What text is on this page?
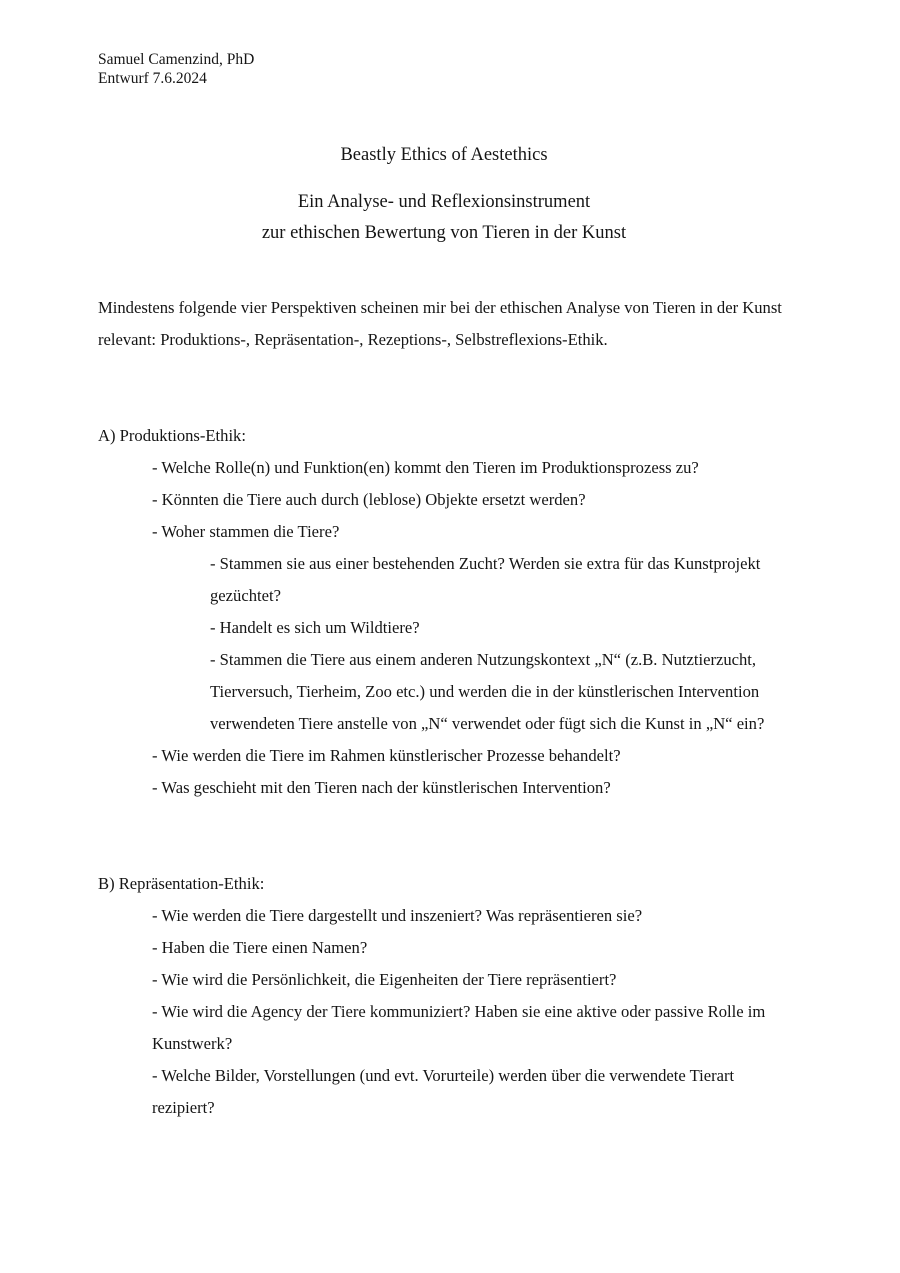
Samuel Camenzind, PhD
Entwurf 7.6.2024
Beastly Ethics of Aestethics
Ein Analyse- und Reflexionsinstrument
zur ethischen Bewertung von Tieren in der Kunst

Mindestens folgende vier Perspektiven scheinen mir bei der ethischen Analyse von Tieren in der Kunst relevant: Produktions-, Repräsentation-, Rezeptions-, Selbstreflexions-Ethik.

A) Produktions-Ethik:

- Welche Rolle(n) und Funktion(en) kommt den Tieren im Produktionsprozess zu?

- Könnten die Tiere auch durch (leblose) Objekte ersetzt werden?

- Woher stammen die Tiere?

- Stammen sie aus einer bestehenden Zucht? Werden sie extra für das Kunstprojekt gezüchtet?

- Handelt es sich um Wildtiere?

- Stammen die Tiere aus einem anderen Nutzungskontext „N“ (z.B. Nutztierzucht, Tierversuch, Tierheim, Zoo etc.) und werden die in der künstlerischen Intervention verwendeten Tiere anstelle von „N“ verwendet oder fügt sich die Kunst in „N“ ein?

- Wie werden die Tiere im Rahmen künstlerischer Prozesse behandelt?

- Was geschieht mit den Tieren nach der künstlerischen Intervention?

B) Repräsentation-Ethik:

- Wie werden die Tiere dargestellt und inszeniert? Was repräsentieren sie?

- Haben die Tiere einen Namen?

- Wie wird die Persönlichkeit, die Eigenheiten der Tiere repräsentiert?

- Wie wird die Agency der Tiere kommuniziert? Haben sie eine aktive oder passive Rolle im Kunstwerk?

- Welche Bilder, Vorstellungen (und evt. Vorurteile) werden über die verwendete Tierart rezipiert?
